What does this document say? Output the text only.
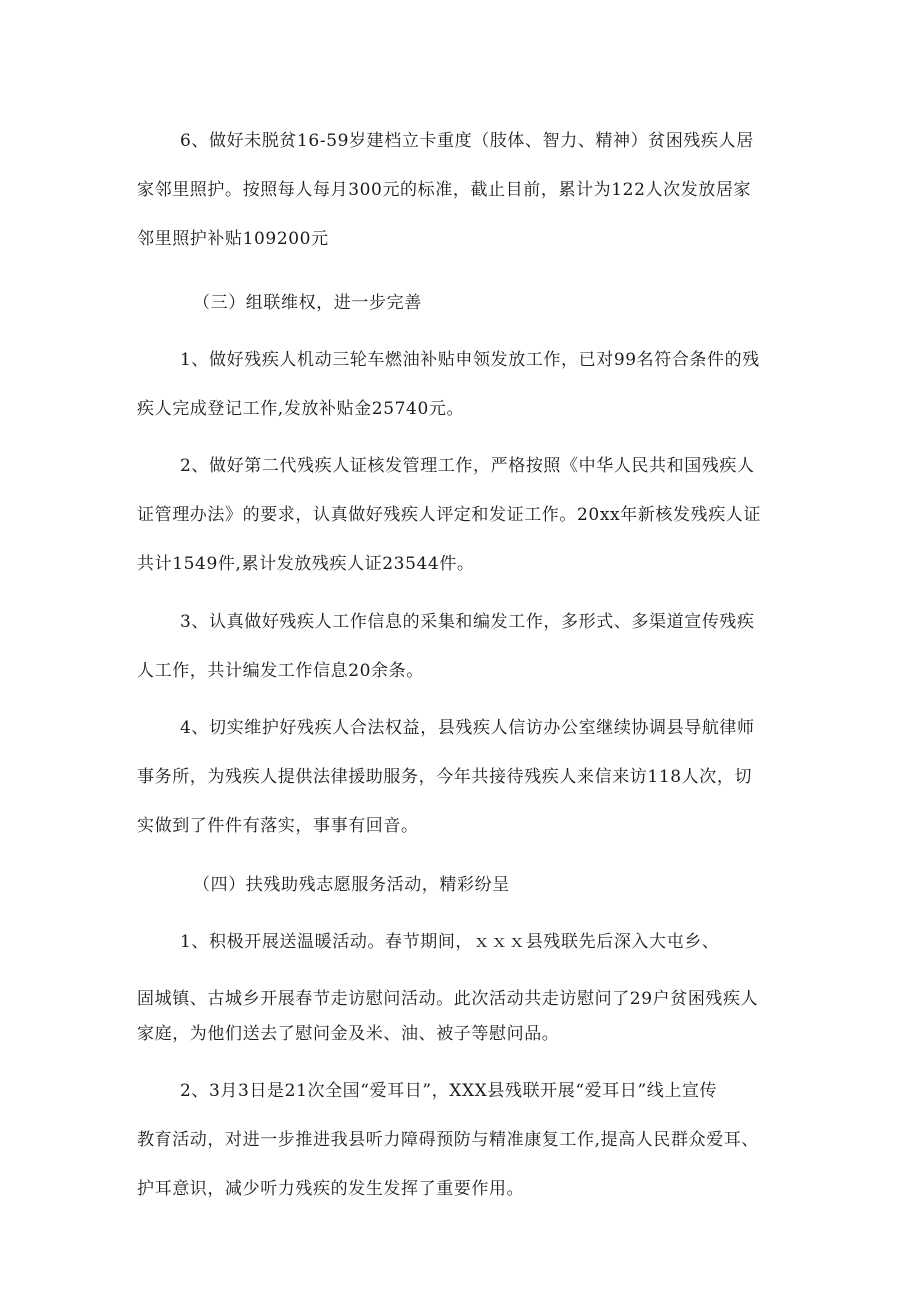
6、做好未脱贫16-59岁建档立卡重度（肢体、智力、精神）贫困残疾人居
家邻里照护。按照每人每月300元的标准，截止目前，累计为122人次发放居家
邻里照护补贴109200元
（三）组联维权，进一步完善
1、做好残疾人机动三轮车燃油补贴申领发放工作，已对99名符合条件的残
疾人完成登记工作,发放补贴金25740元。
2、做好第二代残疾人证核发管理工作，严格按照《中华人民共和国残疾人
证管理办法》的要求，认真做好残疾人评定和发证工作。20xx年新核发残疾人证
共计1549件,累计发放残疾人证23544件。
3、认真做好残疾人工作信息的采集和编发工作，多形式、多渠道宣传残疾
人工作，共计编发工作信息20余条。
4、切实维护好残疾人合法权益，县残疾人信访办公室继续协调县导航律师
事务所，为残疾人提供法律援助服务，今年共接待残疾人来信来访118人次，切
实做到了件件有落实，事事有回音。
（四）扶残助残志愿服务活动，精彩纷呈
1、积极开展送温暖活动。春节期间，ｘｘｘ县残联先后深入大屯乡、
固城镇、古城乡开展春节走访慰问活动。此次活动共走访慰问了29户贫困残疾人
家庭，为他们送去了慰问金及米、油、被子等慰问品。
2、3月3日是21次全国“爱耳日”，XXX县残联开展“爱耳日”线上宣传
教育活动，对进一步推进我县听力障碍预防与精准康复工作,提高人民群众爱耳、
护耳意识，减少听力残疾的发生发挥了重要作用。
